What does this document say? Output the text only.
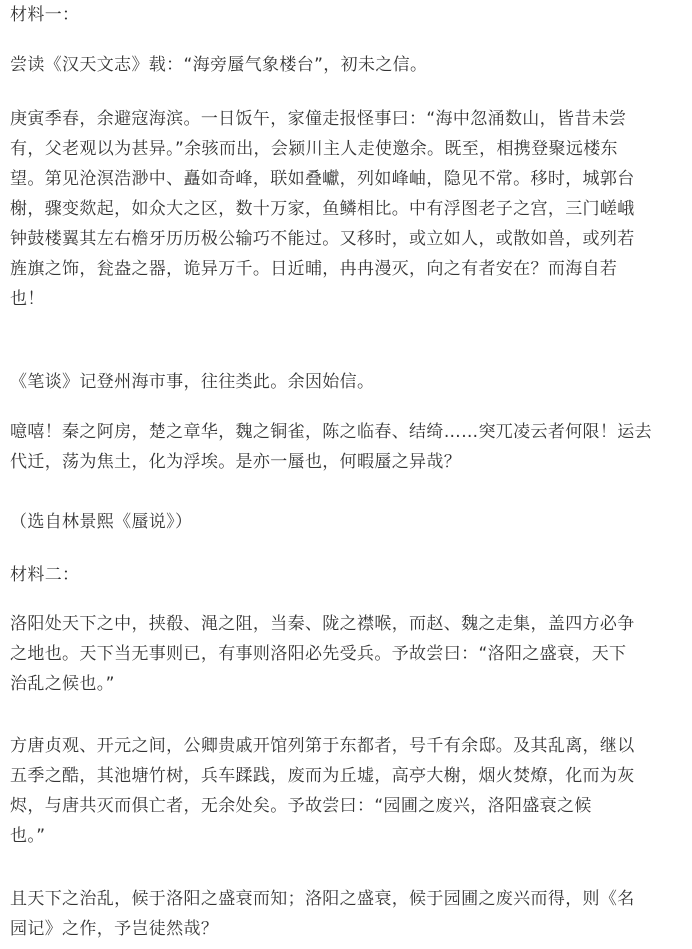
材料一：

尝读《汉天文志》载：“海旁蜃气象楼台”，初未之信。

庚寅季春，余避寇海滨。一日饭午，家僮走报怪事曰：“海中忽涌数山，皆昔未尝
有，父老观以为甚异。”余骇而出，会颍川主人走使邀余。既至，相携登聚远楼东
望。第见沧溟浩渺中、矗如奇峰，联如叠巘，列如峰岫，隐见不常。移时，城郭台
榭，骤变欻起，如众大之区，数十万家，鱼鳞相比。中有浮图老子之宫，三门嵯峨
钟鼓楼翼其左右檐牙历历极公输巧不能过。又移时，或立如人，或散如兽，或列若
旌旗之饰，瓮盎之器，诡异万千。日近晡，冉冉漫灭，向之有者安在？而海自若
也！

《笔谈》记登州海市事，往往类此。余因始信。

噫嘻！秦之阿房，楚之章华，魏之铜雀，陈之临春、结绮……突兀凌云者何限！运去
代迁，荡为焦土，化为浮埃。是亦一蜃也，何暇蜃之异哉？

（选自林景熙《蜃说》）

材料二：

洛阳处天下之中，挟殽、渑之阻，当秦、陇之襟喉，而赵、魏之走集，盖四方必争
之地也。天下当无事则已，有事则洛阳必先受兵。予故尝曰：“洛阳之盛衰，天下
治乱之候也。”
方唐贞观、开元之间，公卿贵戚开馆列第于东都者，号千有余邸。及其乱离，继以
五季之酷，其池塘竹树，兵车蹂践，废而为丘墟，高亭大榭，烟火焚燎，化而为灰
烬，与唐共灭而俱亡者，无余处矣。予故尝曰：“园圃之废兴，洛阳盛衰之候
也。”
且天下之治乱，候于洛阳之盛衰而知；洛阳之盛衰，候于园圃之废兴而得，则《名
园记》之作，予岂徒然哉？
